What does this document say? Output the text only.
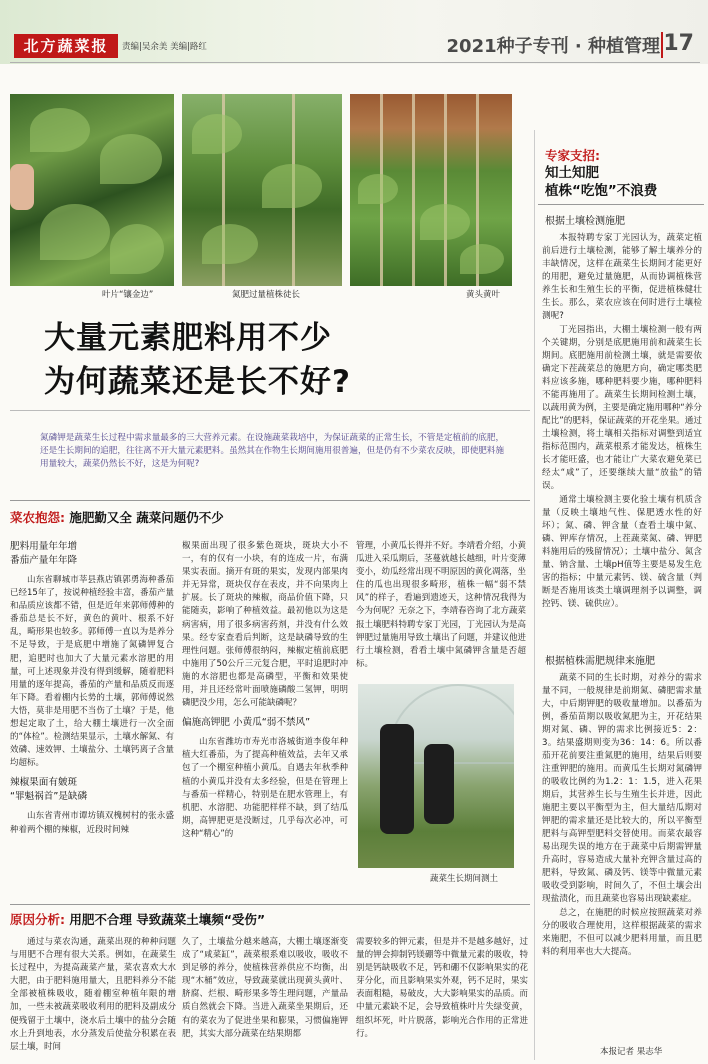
北方蔬菜报	责编|吴余美 美编|路红	2021种子专刊 · 种植管理 17
叶片“镶金边”	氮肥过量植株徒长	黄头黄叶
专家支招:
知土知肥
植株“吃饱”不浪费
根据土壤检测施肥

本报特聘专家丁光园认为，蔬菜定植前后进行土壤检测，能够了解土壤养分的丰缺情况，这样在蔬菜生长期间才能更好的用肥，避免过量施肥，从而协调植株营养生长和生殖生长的平衡，促进植株健壮生长。那么，菜农应该在何时进行土壤检测呢?

丁光园指出，大棚土壤检测一般有两个关键期，分别是底肥施用前和蔬菜生长期间。底肥施用前检测土壤，就是需要依确定下茬蔬菜总的施肥方向，确定哪类肥料应该多施，哪种肥料要少施，哪种肥料不能再施用了。蔬菜生长期间检测土壤，以蔬用黄为例，主要是确定施用哪种“养分配比”的肥料，保证蔬菜的开花坐果。通过土壤检测，将土壤相关指标对调整到适宜指标范围内，蔬菜根系才能发达，植株生长才能旺盛，也才能让广大菜农避免菜已经太“咸”了，还要继续大量“放盐”的错误。

通常土壤检测主要化验土壤有机质含量（反映土壤地气性、保肥透水性的好坏）；氮、磷、钾含量（查看土壤中氮、磷、钾库存情况，上茬蔬菜氮、磷、钾肥料施用后的残留情况）；土壤中盐分、氮含量、钠含量、土壤pH值等主要是易发生危害的指标；中量元素钙、镁、硫含量（判断是否施用该类土壤调理剂予以调整，调控钙、镁、硫供应）。

根据植株需肥规律来施肥

蔬菜不同的生长时期，对养分的需求量不同，一般规律是前期氮、磷肥需求量大，中后期钾肥的吸收量增加。以番茄为例，番茄苗期以吸收氮肥为主，开花结果期对氮、磷、钾的需求比例接近5：2：3。结果盛期则变为36：14：6。所以番茄开花前要注重氮肥的施用，结果后则要注重钾肥的施用。而黄瓜生长期对氮磷钾的吸收比例约为1.2：1：1.5，进入花果期后，其营养生长与生殖生长并进，因此施肥主要以平衡型为主，但大量结瓜期对钾肥的需求量还是比较大的，所以平衡型肥料与高钾型肥料交替使用。而菜农最容易出现失误的地方在于蔬菜中后期需钾量升高时，容易造成大量补充钾含量过高的肥料，导致氮、磷及钙、镁等中微量元素吸收受到影响，时间久了，不但土壤会出现盐渍化，而且蔬菜也容易出现缺素症。

总之，在施肥的时候应按照蔬菜对养分的吸收合理使用，这样根据蔬菜的需求来施肥，不但可以减少肥料用量，而且肥料的利用率也大大提高。

本报记者 果志华
大量元素肥料用不少
为何蔬菜还是长不好?
氮磷钾是蔬菜生长过程中需求量最多的三大营养元素。在设施蔬菜栽培中，为保证蔬菜的正常生长，不管是定植前的底肥，还是生长期间的追肥，往往离不开大量元素肥料。虽然其在作物生长期间施用很普遍，但是仍有不少菜农反映，即使肥料施用量较大，蔬菜仍然长不好，这是为何呢?
菜农抱怨: 施肥勤又全 蔬菜问题仍不少
肥料用量年年增
番茄产量年年降

山东省聊城市莘县燕店镇郭勇海种番茄已经15年了，按说种植经验丰富，番茄产量和品质应该都不错，但是近年来郭师傅种的番茄总是长不好，黄色的黄叶、根系不好乱，畸形果也较多。郭师傅一直以为是养分不足导致，于是底肥中增施了氮磷钾复合肥，追肥时也加大了大量元素水溶肥的用量，可上述现象并没有得到缓解，随着肥料用量的逐年提高，番茄的产量和品质反而逐年下降。看着棚内长势的土壤，郭师傅说然大悟，莫非是用肥不当伤了土壤？于是，他想起定取了土，给大棚土壤进行一次全面的“体检”。检测结果显示，土壤水解氮、有效磷、速效钾、土壤盐分、土壤钙离子含量均超标。

辣椒果面有皴斑
“罪魁祸首”是缺磷

山东省青州市谭坊镇双槐树村的张永盛种着两个棚的辣椒，近段时间辣

椒果面出现了很多紫色斑块，斑块大小不一，有的仅有一小块，有的连成一片，布满果实表面。摘开有斑的果实，发现内部果肉并无异常，斑块仅存在表皮，并不向果肉上扩展。长了斑块的辣椒，商品价值下降，只能随卖，影响了种植效益。最初他以为这是病害病，用了很多病害药剂，并没有什么效果。经专家查看后判断，这是缺磷导致的生理性问题。张师傅很纳闷，辣椒定植前底肥中施用了50公斤三元复合肥，平时追肥时冲施的水溶肥也都是高磷型，平衡和效果使用，并且还经常叶面喷施磷酸二氢钾，明明磷肥没少用，怎么可能缺磷呢？

偏施高钾肥 小黄瓜“弱不禁风”

山东省潍坊市寿光市洛城街道李俊年种植大红番茄，为了提高种植效益，去年又承包了一个棚室种植小黄瓜。自遇去年秋季种植的小黄瓜并没有太多经验，但是在管理上与番茄一样精心，特别是在肥水管理上，有机肥、水溶肥、功能肥样样不缺，到了结瓜期，高钾肥更是没断过，几乎每次必冲，可这种“精心”的

管理，小黄瓜长得并不好。李靖看介绍，小黄瓜进入采瓜期后，茎蔓就越长越细，叶片变薄变小，幼瓜经常出现不明原因的黄化凋落，坐住的瓜也出现很多畸形，植株一幅“弱不禁风”的样子，看遍到遗迹天，这种情况我得为今为何呢？无奈之下，李靖春咨询了北方蔬菜报土壤肥料特聘专家丁光园，丁光园认为是高钾肥过量施用导致土壤出了问题，并建议他进行土壤检测，看看土壤中氮磷钾含量是否超标。

蔬菜生长期间测土
原因分析: 用肥不合理 导致蔬菜土壤频“受伤”

通过与菜农沟通，蔬菜出现的种种问题与用肥不合理有很大关系。例如，在蔬菜生长过程中，为提高蔬菜产量，菜农喜欢大水大肥，由于肥料施用量大，且肥料养分不能全部被植株吸收，随着棚室种植年限的增加，一些未被蔬菜吸收利用的肥料及副成分便残留于土壤中，浇水后土壤中的盐分会随水上升到地表，水分蒸发后使盐分积累在表层土壤，时间

久了，土壤盐分越来越高，大棚土壤逐渐变成了“咸菜缸”，蔬菜根系难以吸收，吸收不到足够的养分，使植株营养供应不均衡，出现“木桶”效应，导致蔬菜就出现黄头黄叶、脐腐、烂根、畸形果多等生理问题，产量品质自然就会下降。当进入蔬菜坐果期后，还有的菜农为了促进坐果和膨果，习惯偏施钾肥，其实大部分蔬菜在结果期都

需要较多的钾元素，但是并不是越多越好，过量的钾会抑制钙镁硼等中微量元素的吸收，特别是钙缺吸收不足，钙和硼不仅影响果实的花芽分化，而且影响果实外观，钙不足时，果实表面粗糙，易破皮，大大影响果实的品质。而中量元素缺不足，会导致植株叶片失绿变黄，组织坏死，叶片脱落，影响光合作用的正常进行。
